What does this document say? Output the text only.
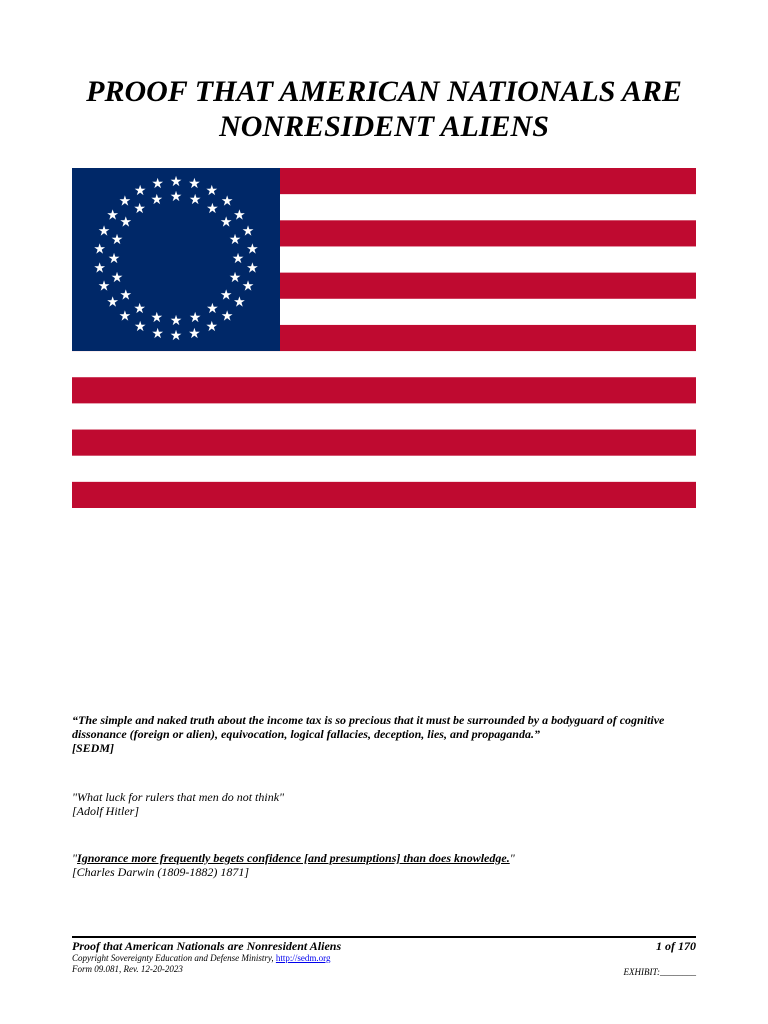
PROOF THAT AMERICAN NATIONALS ARE
NONRESIDENT ALIENS
★ ★ ★
★
★
★
★
★
★
★
★
★
★
★
★
★
★
★
★
★
★
★
★
★
★ ★
★ ★
★
★
★
★
★
★
★
★
★
★
★
★
★
★
★
★
★
★

“The simple and naked truth about the income tax is so precious that it must be surrounded by a bodyguard of cognitive dissonance (foreign or alien), equivocation, logical fallacies, deception, lies, and propaganda.”

[SEDM]

"What luck for rulers that men do not think"

[Adolf Hitler]

"Ignorance more frequently begets confidence [and presumptions] than does knowledge."

[Charles Darwin (1809-1882) 1871]

Proof that American Nationals are Nonresident Aliens	1 of 170
Copyright Sovereignty Education and Defense Ministry, http://sedm.org
Form 09.081, Rev. 12-20-2023	EXHIBIT:________
